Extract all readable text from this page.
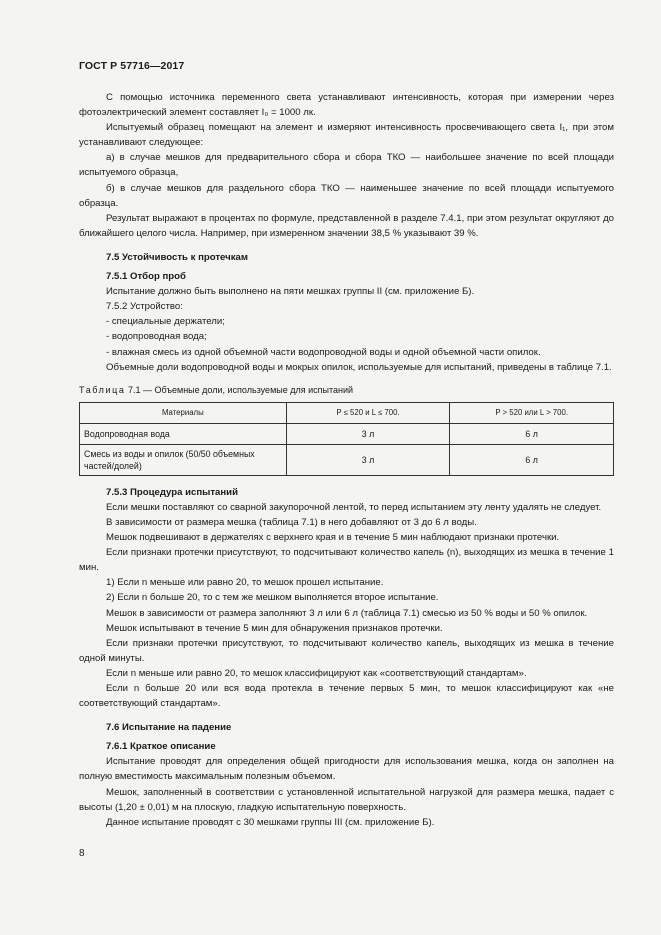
ГОСТ Р 57716—2017

С помощью источника переменного света устанавливают интенсивность, которая при измерении через фотоэлектрический элемент составляет I₀ = 1000 лк.

Испытуемый образец помещают на элемент и измеряют интенсивность просвечивающего света I₁, при этом устанавливают следующее:

а) в случае мешков для предварительного сбора и сбора ТКО — наибольшее значение по всей площади испытуемого образца,

б) в случае мешков для раздельного сбора ТКО — наименьшее значение по всей площади испытуемого образца.

Результат выражают в процентах по формуле, представленной в разделе 7.4.1, при этом результат округляют до ближайшего целого числа. Например, при измеренном значении 38,5 % указывают 39 %.

7.5 Устойчивость к протечкам

7.5.1 Отбор проб

Испытание должно быть выполнено на пяти мешках группы II (см. приложение Б).

7.5.2 Устройство:

- специальные держатели;

- водопроводная вода;

- влажная смесь из одной объемной части водопроводной воды и одной объемной части опилок.

Объемные доли водопроводной воды и мокрых опилок, используемые для испытаний, приведены в таблице 7.1.

Таблица 7.1 — Объемные доли, используемые для испытаний
Материалы	P ≤ 520 и L ≤ 700.	P > 520 или L > 700.
Водопроводная вода	3 л	6 л
Смесь из воды и опилок (50/50 объемных частей/долей)	3 л	6 л

7.5.3 Процедура испытаний

Если мешки поставляют со сварной закупорочной лентой, то перед испытанием эту ленту удалять не следует.

В зависимости от размера мешка (таблица 7.1) в него добавляют от 3 до 6 л воды.

Мешок подвешивают в держателях с верхнего края и в течение 5 мин наблюдают признаки протечки.

Если признаки протечки присутствуют, то подсчитывают количество капель (n), выходящих из мешка в течение 1 мин.

1) Если n меньше или равно 20, то мешок прошел испытание.

2) Если n больше 20, то с тем же мешком выполняется второе испытание.

Мешок в зависимости от размера заполняют 3 л или 6 л (таблица 7.1) смесью из 50 % воды и 50 % опилок.

Мешок испытывают в течение 5 мин для обнаружения признаков протечки.

Если признаки протечки присутствуют, то подсчитывают количество капель, выходящих из мешка в течение одной минуты.

Если n меньше или равно 20, то мешок классифицируют как «соответствующий стандартам».

Если n больше 20 или вся вода протекла в течение первых 5 мин, то мешок классифицируют как «не соответствующий стандартам».

7.6 Испытание на падение

7.6.1 Краткое описание

Испытание проводят для определения общей пригодности для использования мешка, когда он заполнен на полную вместимость максимальным полезным объемом.

Мешок, заполненный в соответствии с установленной испытательной нагрузкой для размера мешка, падает с высоты (1,20 ± 0,01) м на плоскую, гладкую испытательную поверхность.

Данное испытание проводят с 30 мешками группы III (см. приложение Б).

8
